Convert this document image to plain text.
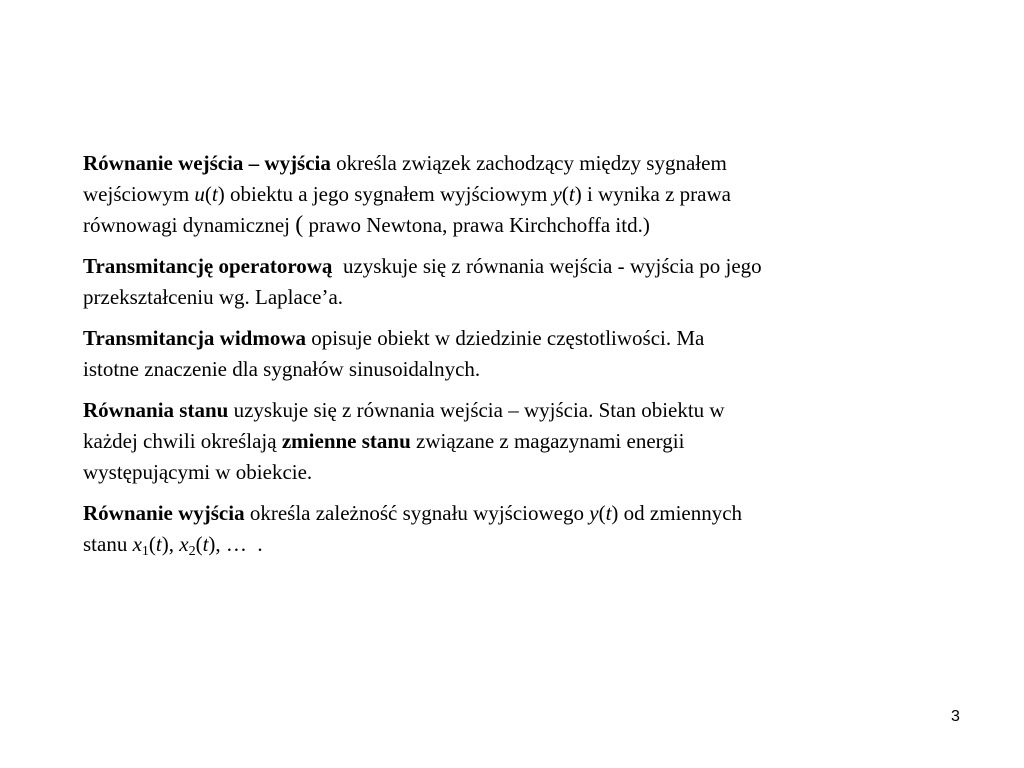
Równanie wejścia – wyjścia określa związek zachodzący między sygnałem
wejściowym u(t) obiektu a jego sygnałem wyjściowym y(t) i wynika z prawa
równowagi dynamicznej ( prawo Newtona, prawa Kirchchoffa itd.)

Transmitancję operatorową  uzyskuje się z równania wejścia - wyjścia po jego
przekształceniu wg. Laplace’a.

Transmitancja widmowa opisuje obiekt w dziedzinie częstotliwości. Ma
istotne znaczenie dla sygnałów sinusoidalnych.

Równania stanu uzyskuje się z równania wejścia – wyjścia. Stan obiektu w
każdej chwili określają zmienne stanu związane z magazynami energii
występującymi w obiekcie.

Równanie wyjścia określa zależność sygnału wyjściowego y(t) od zmiennych
stanu $x_1(t)$, $x_2(t)$, …  .

3
